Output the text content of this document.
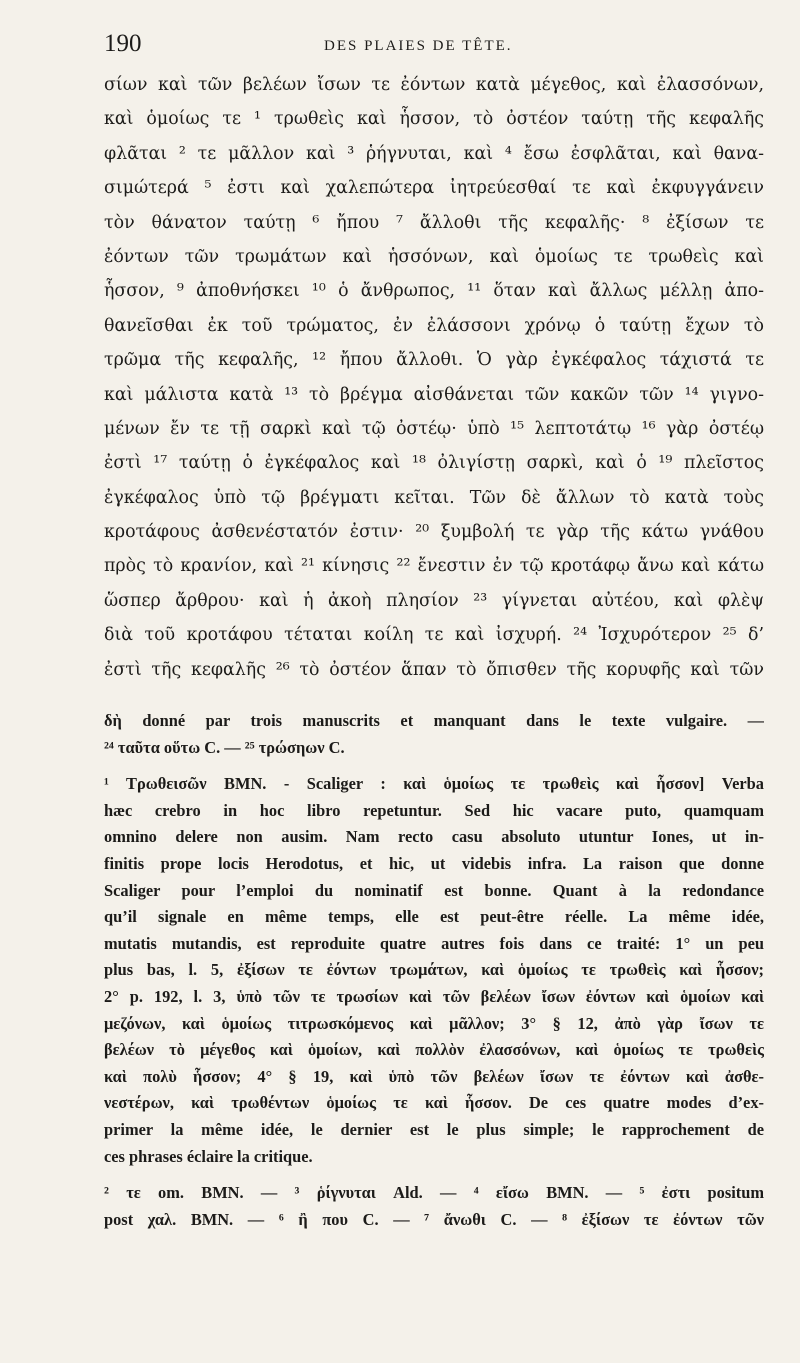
190	DES PLAIES DE TÊTE.
σίων καὶ τῶν βελέων ἴσων τε ἐόντων κατὰ μέγεθος, καὶ ἐλασσόνων,
καὶ ὁμοίως τε ¹ τρωθεὶς καὶ ἧσσον, τὸ ὀστέον ταύτῃ τῆς κεφαλῆς
φλᾶται ² τε μᾶλλον καὶ ³ ῥήγνυται, καὶ ⁴ ἔσω ἐσφλᾶται, καὶ θανα-
σιμώτερά ⁵ ἐστι καὶ χαλεπώτερα ἰητρεύεσθαί τε καὶ ἐκφυγγάνειν
τὸν θάνατον ταύτῃ ⁶ ἤπου ⁷ ἄλλοθι τῆς κεφαλῆς· ⁸ ἐξίσων τε
ἐόντων τῶν τρωμάτων καὶ ἡσσόνων, καὶ ὁμοίως τε τρωθεὶς καὶ
ἧσσον, ⁹ ἀποθνήσκει ¹⁰ ὁ ἄνθρωπος, ¹¹ ὅταν καὶ ἄλλως μέλλῃ ἀπο-
θανεῖσθαι ἐκ τοῦ τρώματος, ἐν ἐλάσσονι χρόνῳ ὁ ταύτῃ ἔχων τὸ
τρῶμα τῆς κεφαλῆς, ¹² ἤπου ἄλλοθι. Ὁ γὰρ ἐγκέφαλος τάχιστά τε
καὶ μάλιστα κατὰ ¹³ τὸ βρέγμα αἰσθάνεται τῶν κακῶν τῶν ¹⁴ γιγνο-
μένων ἔν τε τῇ σαρκὶ καὶ τῷ ὀστέῳ· ὑπὸ ¹⁵ λεπτοτάτῳ ¹⁶ γὰρ ὀστέῳ
ἐστὶ ¹⁷ ταύτῃ ὁ ἐγκέφαλος καὶ ¹⁸ ὀλιγίστῃ σαρκὶ, καὶ ὁ ¹⁹ πλεῖστος
ἐγκέφαλος ὑπὸ τῷ βρέγματι κεῖται. Τῶν δὲ ἄλλων τὸ κατὰ τοὺς
κροτάφους ἀσθενέστατόν ἐστιν· ²⁰ ξυμβολή τε γὰρ τῆς κάτω γνάθου
πρὸς τὸ κρανίον, καὶ ²¹ κίνησις ²² ἔνεστιν ἐν τῷ κροτάφῳ ἄνω καὶ κάτω
ὥσπερ ἄρθρου· καὶ ἡ ἀκοὴ πλησίον ²³ γίγνεται αὐτέου, καὶ φλὲψ
διὰ τοῦ κροτάφου τέταται κοίλη τε καὶ ἰσχυρή. ²⁴ Ἰσχυρότερον ²⁵ δ’
ἐστὶ τῆς κεφαλῆς ²⁶ τὸ ὀστέον ἅπαν τὸ ὄπισθεν τῆς κορυφῆς καὶ τῶν
δὴ donné par trois manuscrits et manquant dans le texte vulgaire. —
²⁴ ταῦτα οὕτω C. — ²⁵ τρώσηων C.
¹ Τρωθεισῶν BMN. - Scaliger : καὶ ὁμοίως τε τρωθεὶς καὶ ἧσσον] Verba
hæc crebro in hoc libro repetuntur. Sed hic vacare puto, quamquam
omnino delere non ausim. Nam recto casu absoluto utuntur Iones, ut in-
finitis prope locis Herodotus, et hic, ut videbis infra. La raison que donne
Scaliger pour l’emploi du nominatif est bonne. Quant à la redondance
qu’il signale en même temps, elle est peut-être réelle. La même idée,
mutatis mutandis, est reproduite quatre autres fois dans ce traité: 1° un peu
plus bas, l. 5, ἐξίσων τε ἐόντων τρωμάτων, καὶ ὁμοίως τε τρωθεὶς καὶ ἧσσον;
2° p. 192, l. 3, ὑπὸ τῶν τε τρωσίων καὶ τῶν βελέων ἴσων ἐόντων καὶ ὁμοίων καὶ
μεζόνων, καὶ ὁμοίως τιτρωσκόμενος καὶ μᾶλλον; 3° § 12, ἀπὸ γὰρ ἴσων τε
βελέων τὸ μέγεθος καὶ ὁμοίων, καὶ πολλὸν ἐλασσόνων, καὶ ὁμοίως τε τρωθεὶς
καὶ πολὺ ἧσσον; 4° § 19, καὶ ὑπὸ τῶν βελέων ἴσων τε ἐόντων καὶ ἀσθε-
νεστέρων, καὶ τρωθέντων ὁμοίως τε καὶ ἧσσον. De ces quatre modes d’ex-
primer la même idée, le dernier est le plus simple; le rapprochement de
ces phrases éclaire la critique.
² τε om. BMN. — ³ ῥίγνυται Ald. — ⁴ εἴσω BMN. — ⁵ ἐστι positum
post χαλ. BMN. — ⁶ ἢ που C. — ⁷ ἄνωθι C. — ⁸ ἐξίσων τε ἐόντων τῶν
